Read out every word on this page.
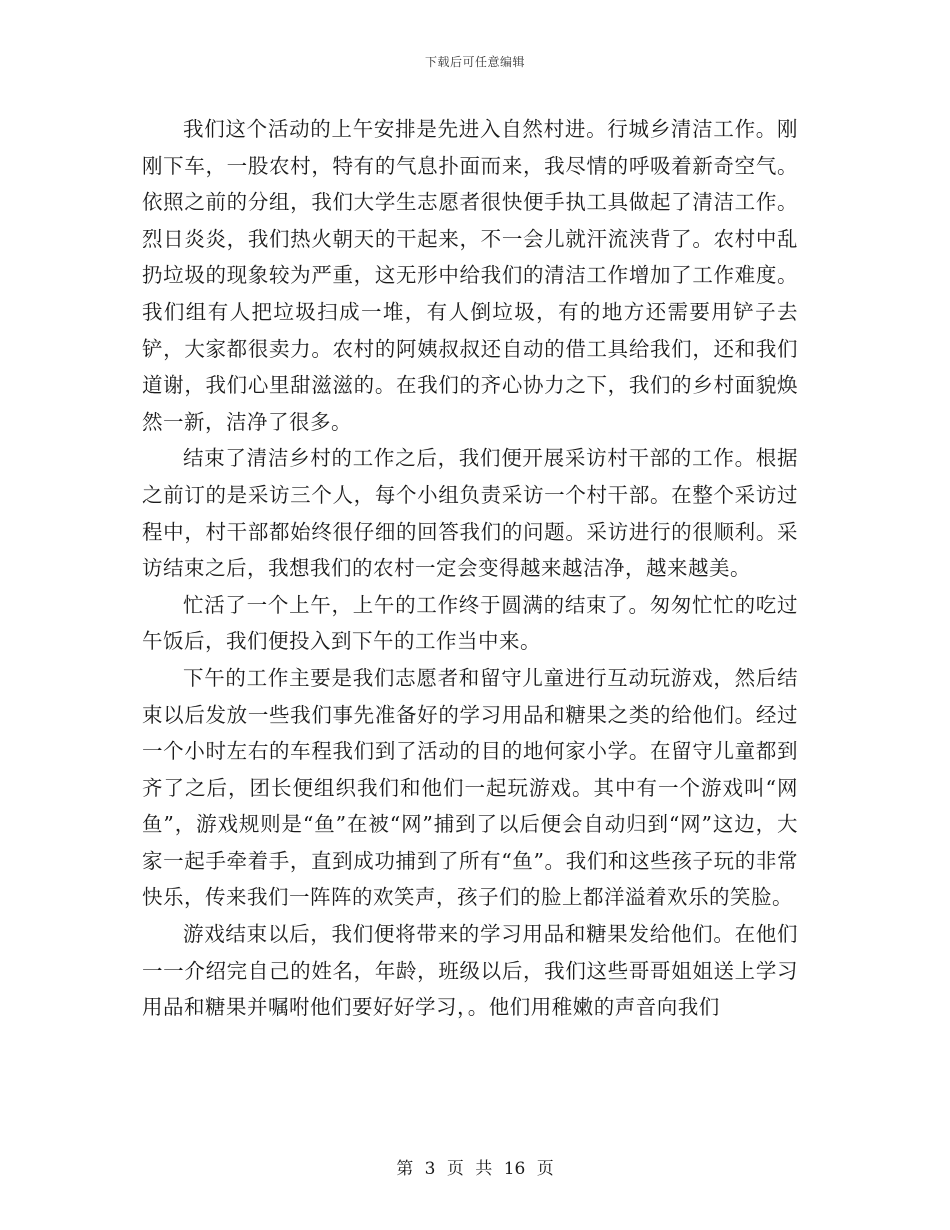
下载后可任意编辑

我们这个活动的上午安排是先进入自然村进。行城乡清洁工作。刚刚下车，一股农村，特有的气息扑面而来，我尽情的呼吸着新奇空气。依照之前的分组，我们大学生志愿者很快便手执工具做起了清洁工作。烈日炎炎，我们热火朝天的干起来，不一会儿就汗流浃背了。农村中乱扔垃圾的现象较为严重，这无形中给我们的清洁工作增加了工作难度。我们组有人把垃圾扫成一堆，有人倒垃圾，有的地方还需要用铲子去铲，大家都很卖力。农村的阿姨叔叔还自动的借工具给我们，还和我们道谢，我们心里甜滋滋的。在我们的齐心协力之下，我们的乡村面貌焕然一新，洁净了很多。

结束了清洁乡村的工作之后，我们便开展采访村干部的工作。根据之前订的是采访三个人，每个小组负责采访一个村干部。在整个采访过程中，村干部都始终很仔细的回答我们的问题。采访进行的很顺利。采访结束之后，我想我们的农村一定会变得越来越洁净，越来越美。

忙活了一个上午，上午的工作终于圆满的结束了。匆匆忙忙的吃过午饭后，我们便投入到下午的工作当中来。

下午的工作主要是我们志愿者和留守儿童进行互动玩游戏，然后结束以后发放一些我们事先准备好的学习用品和糖果之类的给他们。经过一个小时左右的车程我们到了活动的目的地何家小学。在留守儿童都到齐了之后，团长便组织我们和他们一起玩游戏。其中有一个游戏叫“网鱼”，游戏规则是“鱼”在被“网”捕到了以后便会自动归到“网”这边，大家一起手牵着手，直到成功捕到了所有“鱼”。我们和这些孩子玩的非常快乐，传来我们一阵阵的欢笑声，孩子们的脸上都洋溢着欢乐的笑脸。

游戏结束以后，我们便将带来的学习用品和糖果发给他们。在他们一一介绍完自己的姓名，年龄，班级以后，我们这些哥哥姐姐送上学习用品和糖果并嘱咐他们要好好学习，。他们用稚嫩的声音向我们

第 3 页 共 16 页
